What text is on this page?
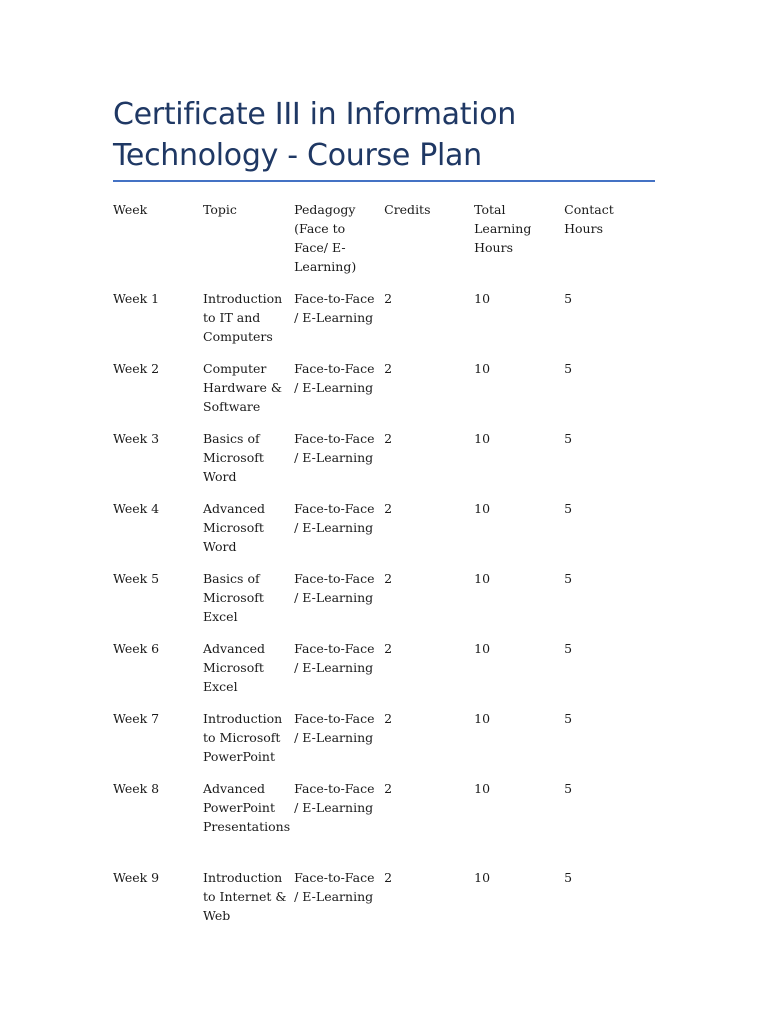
Certificate III in Information Technology - Course Plan
Week	Topic	Pedagogy (Face to Face/ E-Learning)	Credits	Total Learning Hours	Contact Hours

Week 1	Introduction to IT and Computers	Face-to-Face / E-Learning	2	10	5

Week 2	Computer Hardware & Software	Face-to-Face / E-Learning	2	10	5

Week 3	Basics of Microsoft Word	Face-to-Face / E-Learning	2	10	5

Week 4	Advanced Microsoft Word	Face-to-Face / E-Learning	2	10	5

Week 5	Basics of Microsoft Excel	Face-to-Face / E-Learning	2	10	5

Week 6	Advanced Microsoft Excel	Face-to-Face / E-Learning	2	10	5

Week 7	Introduction to Microsoft PowerPoint	Face-to-Face / E-Learning	2	10	5

Week 8	Advanced PowerPoint Presentations	Face-to-Face / E-Learning	2	10	5

Week 9	Introduction to Internet & Web	Face-to-Face / E-Learning	2	10	5
